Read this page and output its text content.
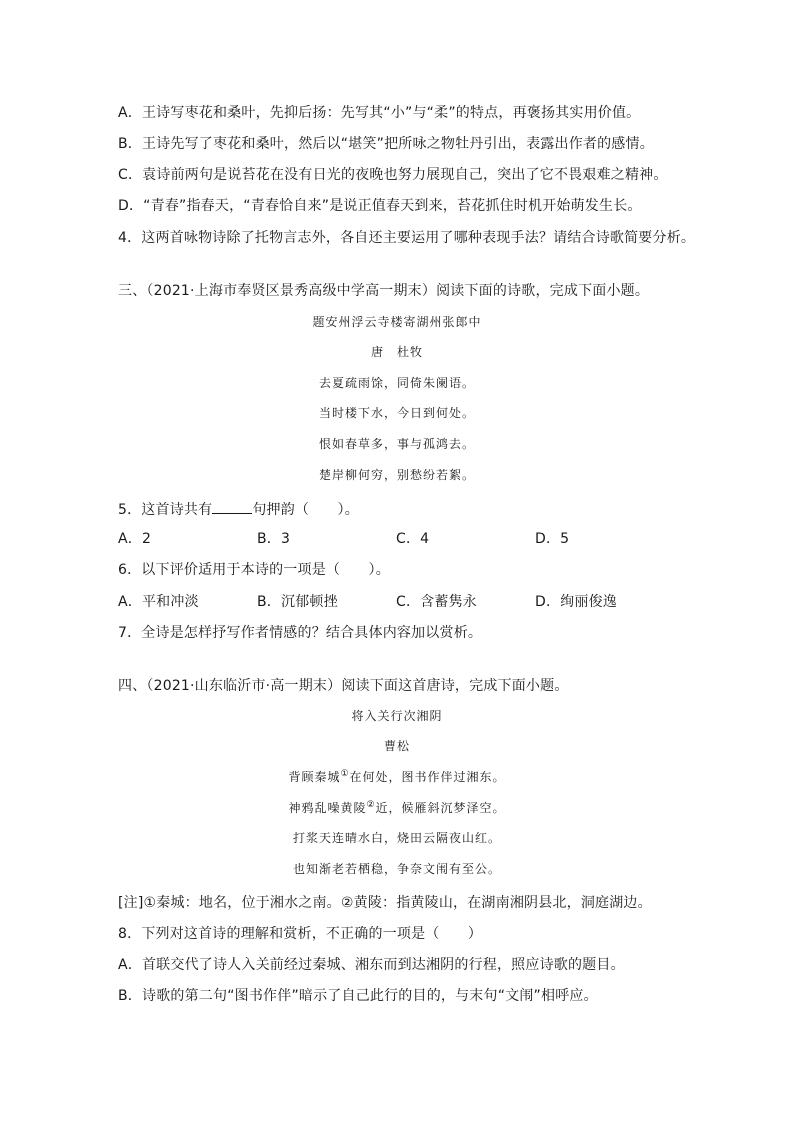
A．王诗写枣花和桑叶，先抑后扬：先写其“小”与“柔”的特点，再褒扬其实用价值。
B．王诗先写了枣花和桑叶，然后以“堪笑”把所咏之物牡丹引出，表露出作者的感情。
C．袁诗前两句是说苔花在没有日光的夜晚也努力展现自己，突出了它不畏艰难之精神。
D．“青春”指春天，“青春恰自来”是说正值春天到来，苔花抓住时机开始萌发生长。
4．这两首咏物诗除了托物言志外，各自还主要运用了哪种表现手法？请结合诗歌简要分析。
三、（2021·上海市奉贤区景秀高级中学高一期末）阅读下面的诗歌，完成下面小题。
题安州浮云寺楼寄湖州张郎中
唐　杜牧
去夏疏雨馀，同倚朱阑语。
当时楼下水，今日到何处。
恨如春草多，事与孤鸿去。
楚岸柳何穷，别愁纷若絮。
5．这首诗共有	句押韵（　　）。
A．2	B．3	C．4	D．5
6．以下评价适用于本诗的一项是（　　）。
A．平和冲淡	B．沉郁顿挫	C．含蓄隽永	D．绚丽俊逸
7．全诗是怎样抒写作者情感的？结合具体内容加以赏析。
四、（2021·山东临沂市·高一期末）阅读下面这首唐诗，完成下面小题。
将入关行次湘阴
曹松
背顾秦城①在何处，图书作伴过湘东。
神鸦乱噪黄陵②近，候雁斜沉梦泽空。
打浆天连晴水白，烧田云隔夜山红。
也知渐老若栖稳，争奈文闱有至公。
[注]①秦城：地名，位于湘水之南。②黄陵：指黄陵山，在湖南湘阴县北，洞庭湖边。
8．下列对这首诗的理解和赏析，不正确的一项是（　　）
A．首联交代了诗人入关前经过秦城、湘东而到达湘阴的行程，照应诗歌的题目。
B．诗歌的第二句“图书作伴”暗示了自己此行的目的，与末句“文闱”相呼应。
